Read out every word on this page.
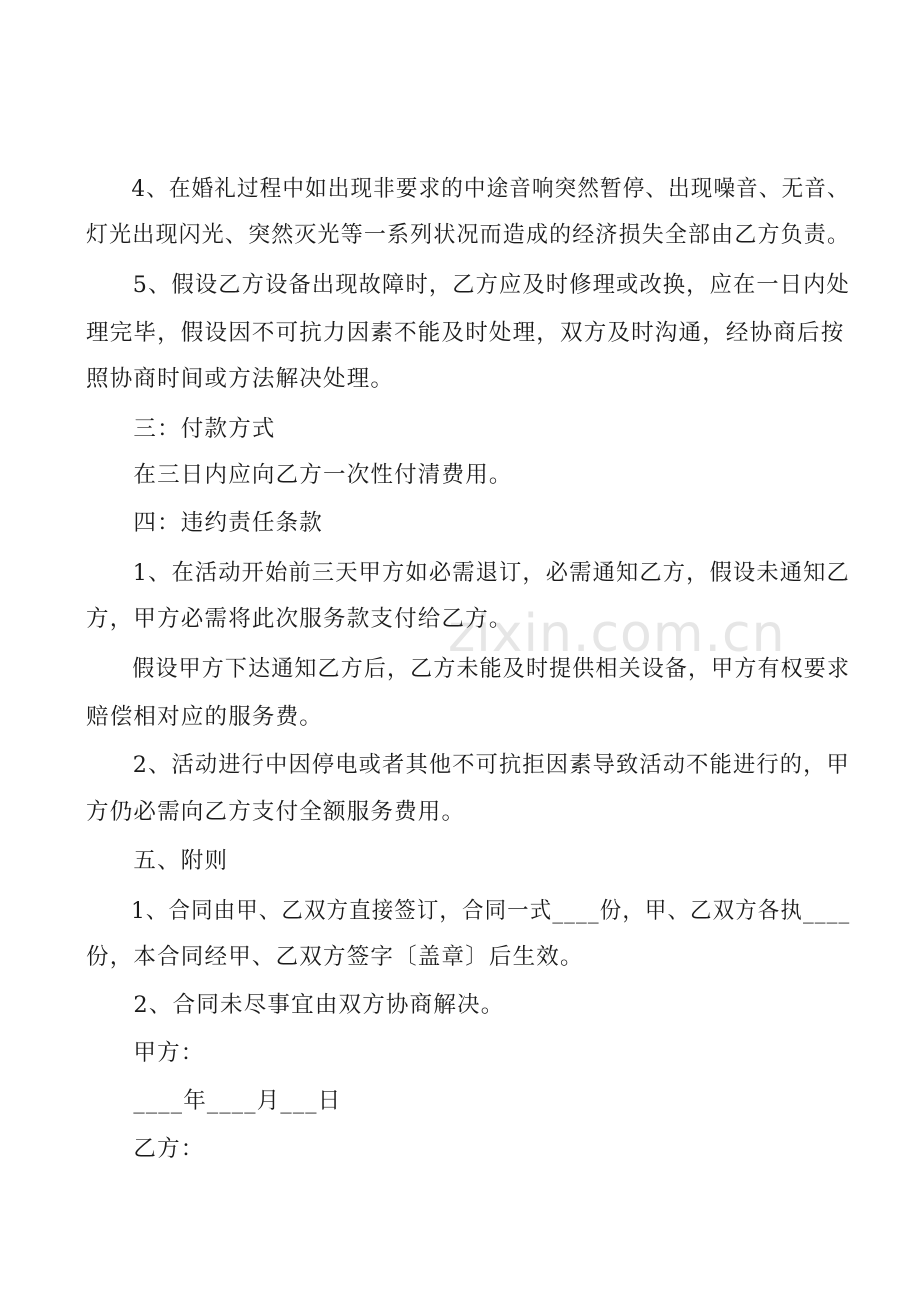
zixin.com.cn
　　4、在婚礼过程中如出现非要求的中途音响突然暂停、出现噪音、无音、
灯光出现闪光、突然灭光等一系列状况而造成的经济损失全部由乙方负责。
　　5、假设乙方设备出现故障时，乙方应及时修理或改换，应在一日内处
理完毕，假设因不可抗力因素不能及时处理，双方及时沟通，经协商后按
照协商时间或方法解决处理。
　　三：付款方式
　　在三日内应向乙方一次性付清费用。
　　四：违约责任条款
　　1、在活动开始前三天甲方如必需退订，必需通知乙方，假设未通知乙
方，甲方必需将此次服务款支付给乙方。
　　假设甲方下达通知乙方后，乙方未能及时提供相关设备，甲方有权要求
赔偿相对应的服务费。
　　2、活动进行中因停电或者其他不可抗拒因素导致活动不能进行的，甲
方仍必需向乙方支付全额服务费用。
　　五、附则
　　1、合同由甲、乙双方直接签订，合同一式____份，甲、乙双方各执____
份，本合同经甲、乙双方签字〔盖章〕后生效。
　　2、合同未尽事宜由双方协商解决。
　　甲方：
　　____年____月___日
　　乙方：
